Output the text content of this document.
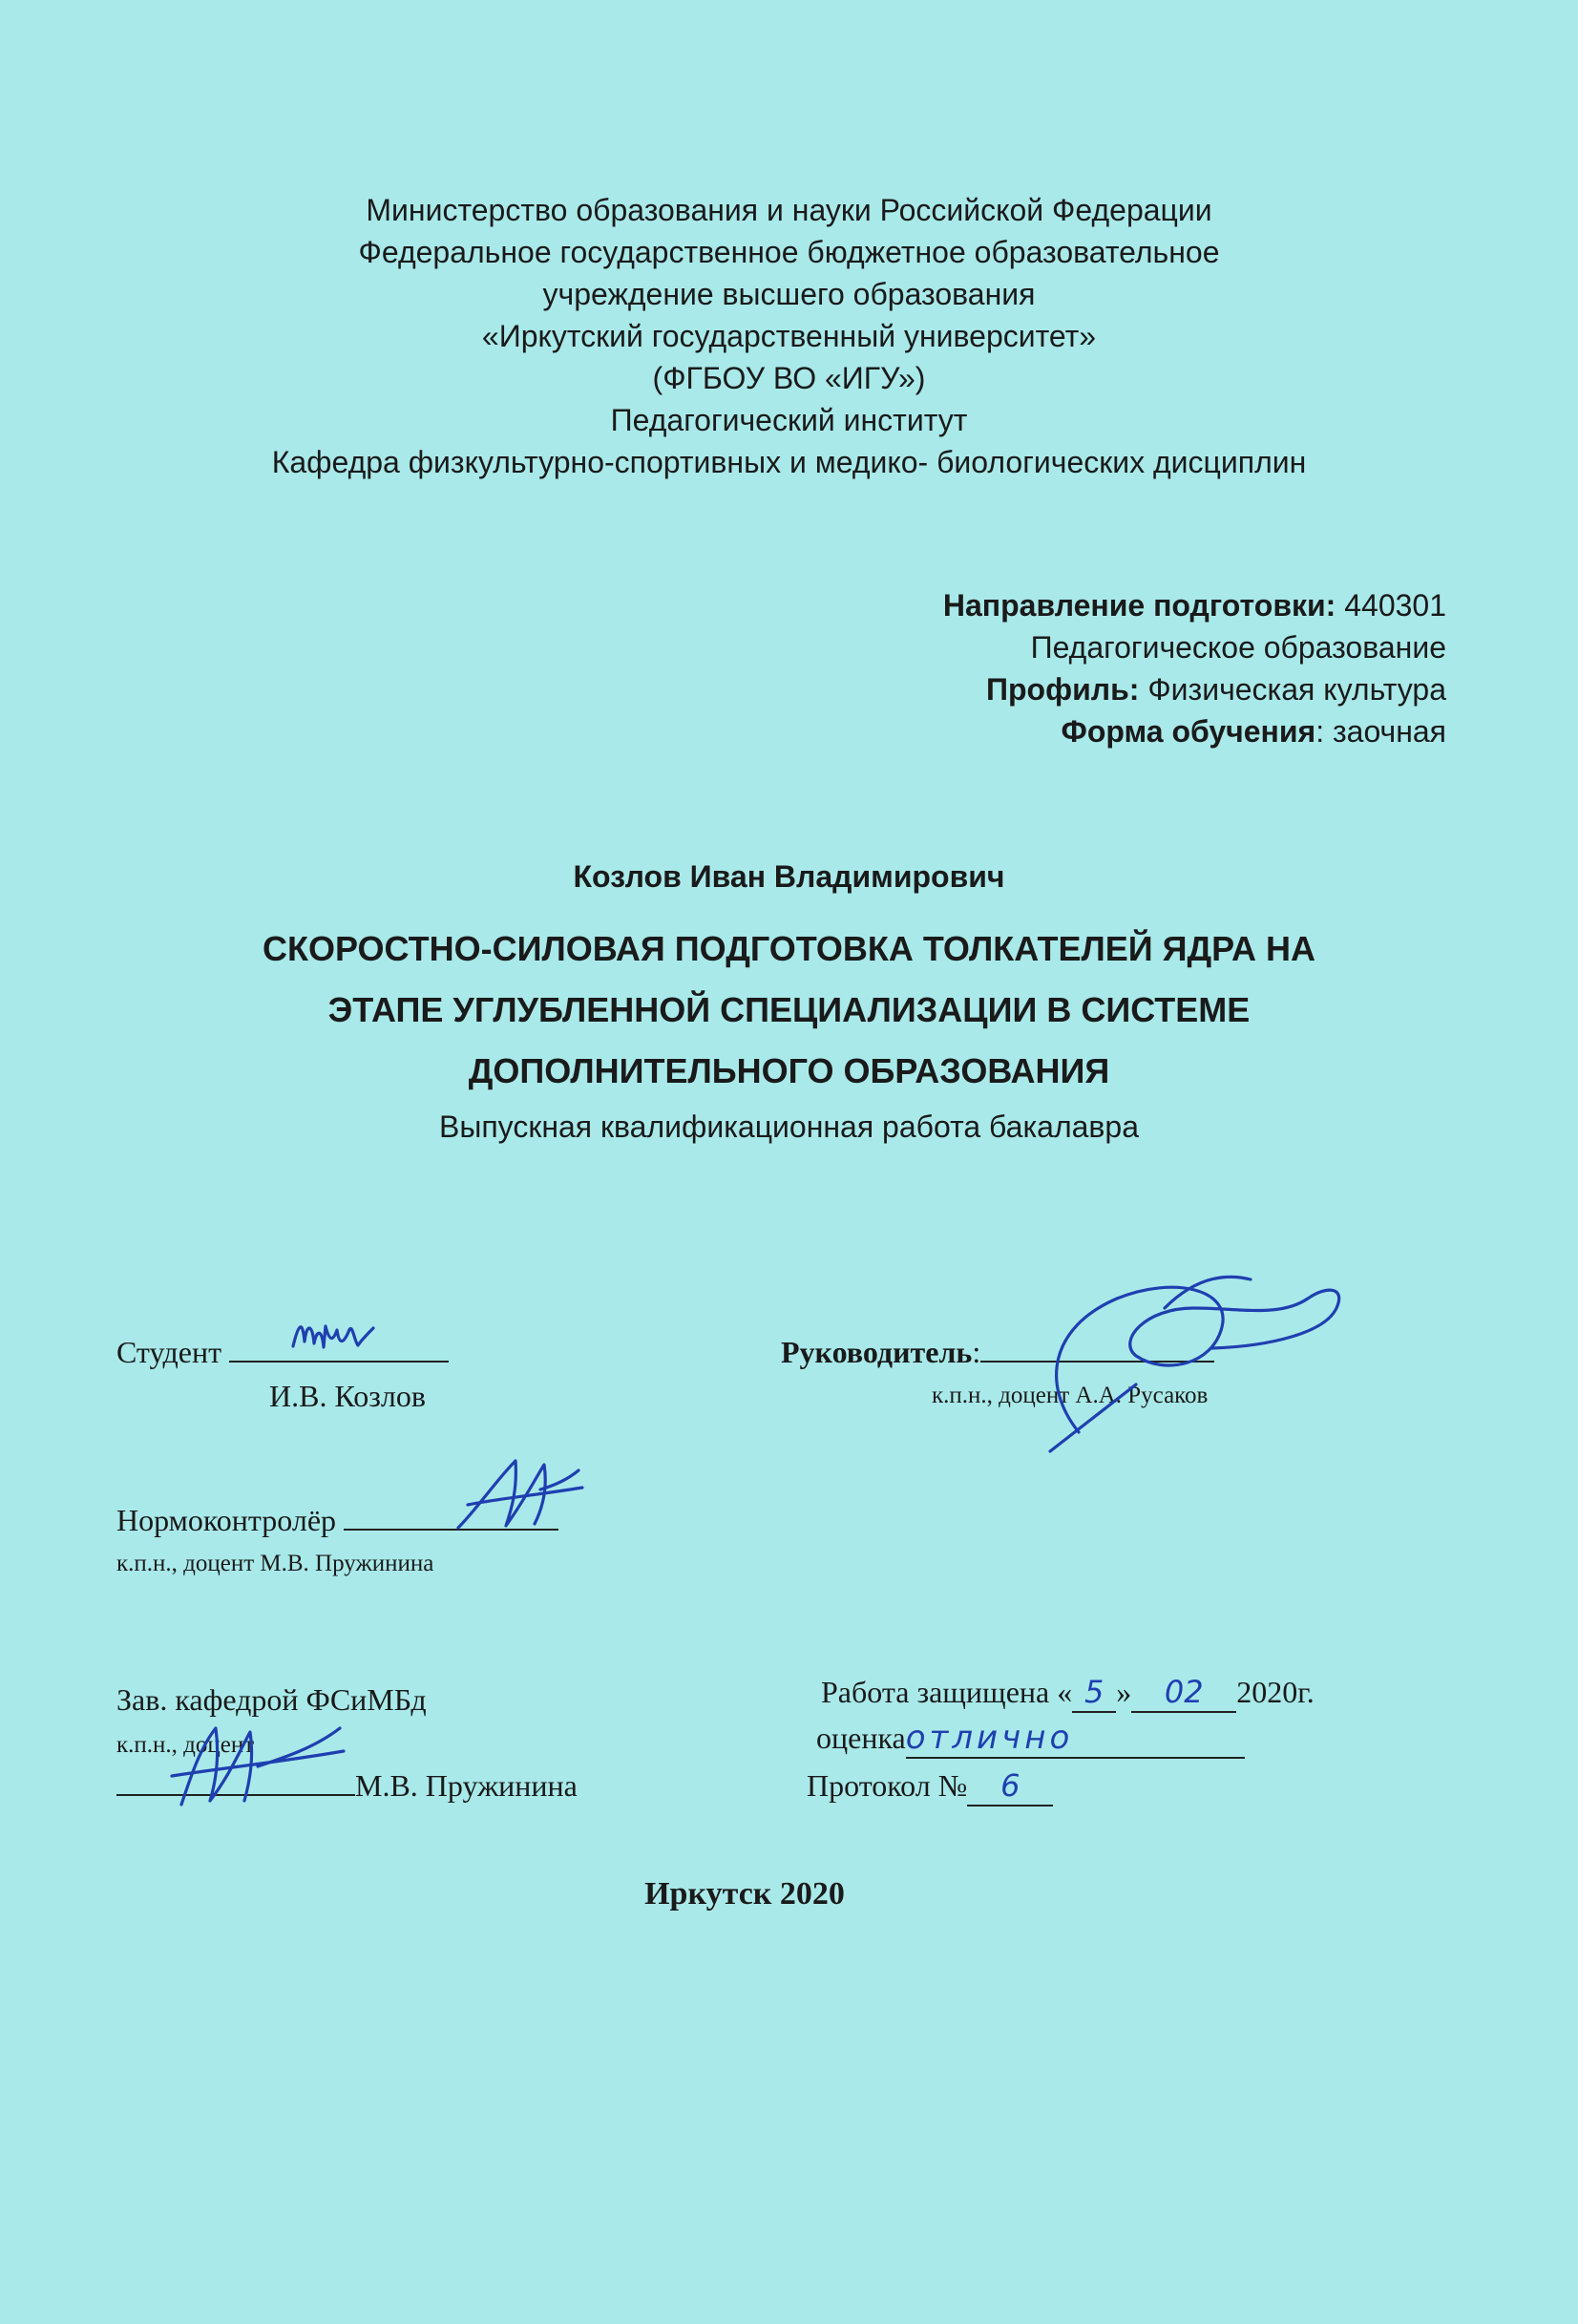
Министерство образования и науки Российской Федерации
Федеральное государственное бюджетное образовательное
учреждение высшего образования
«Иркутский государственный университет»
(ФГБОУ ВО «ИГУ»)
Педагогический институт
Кафедра физкультурно-спортивных и медико- биологических дисциплин
Направление подготовки: 440301
Педагогическое образование
Профиль: Физическая культура
Форма обучения: заочная
Козлов Иван Владимирович
СКОРОСТНО-СИЛОВАЯ ПОДГОТОВКА ТОЛКАТЕЛЕЙ ЯДРА НА
ЭТАПЕ УГЛУБЛЕННОЙ СПЕЦИАЛИЗАЦИИ В СИСТЕМЕ
ДОПОЛНИТЕЛЬНОГО ОБРАЗОВАНИЯ
Выпускная квалификационная работа бакалавра
Студент
И.В. Козлов
Руководитель:
к.п.н., доцент А.А. Русаков
Нормоконтролёр
к.п.н., доцент М.В. Пружинина
Зав. кафедрой ФСиМБд
к.п.н., доцент
М.В. Пружинина
Работа защищена « 5 » 02 2020г.
оценкаотлично
Протокол № 6
Иркутск 2020
